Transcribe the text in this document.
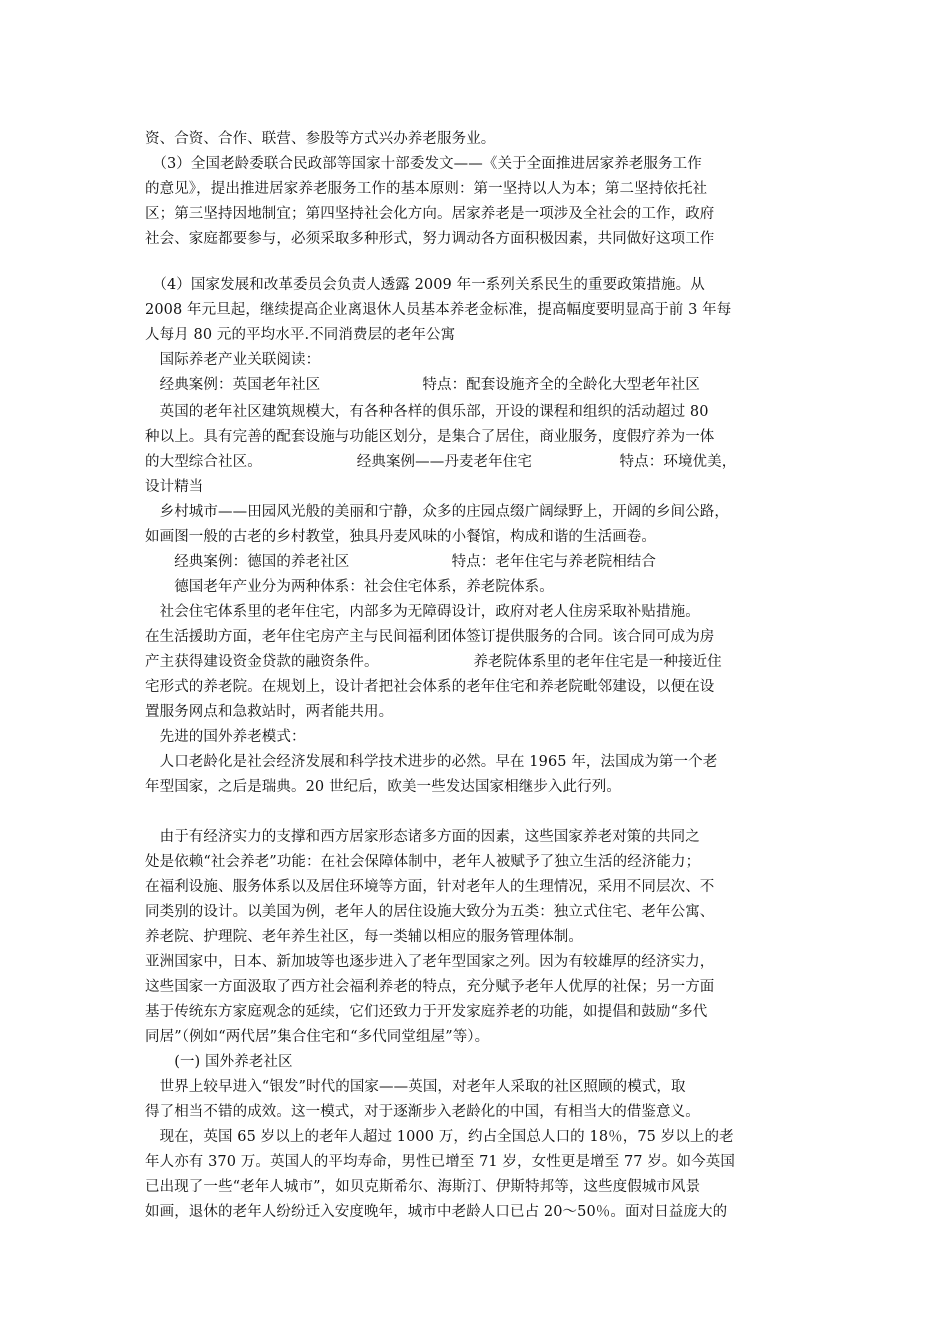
资、合资、合作、联营、参股等方式兴办养老服务业。
　（3）全国老龄委联合民政部等国家十部委发文——《关于全面推进居家养老服务工作
的意见》，提出推进居家养老服务工作的基本原则：第一坚持以人为本；第二坚持依托社
区；第三坚持因地制宜；第四坚持社会化方向。居家养老是一项涉及全社会的工作，政府
社会、家庭都要参与，必须采取多种形式，努力调动各方面积极因素，共同做好这项工作
　（4）国家发展和改革委员会负责人透露 2009 年一系列关系民生的重要政策措施。从
2008 年元旦起，继续提高企业离退休人员基本养老金标准，提高幅度要明显高于前 3 年每
人每月 80 元的平均水平.不同消费层的老年公寓
　国际养老产业关联阅读：
　经典案例：英国老年社区　　　　　　　特点：配套设施齐全的全龄化大型老年社区
　英国的老年社区建筑规模大，有各种各样的俱乐部，开设的课程和组织的活动超过 80
种以上。具有完善的配套设施与功能区划分，是集合了居住，商业服务，度假疗养为一体
的大型综合社区。　　　　　　　经典案例——丹麦老年住宅　　　　　　特点：环境优美，
设计精当
　乡村城市——田园风光般的美丽和宁静，众多的庄园点缀广阔绿野上，开阔的乡间公路，
如画图一般的古老的乡村教堂，独具丹麦风味的小餐馆，构成和谐的生活画卷。
　　经典案例：德国的养老社区　　　　　　　特点：老年住宅与养老院相结合
　　德国老年产业分为两种体系：社会住宅体系，养老院体系。
　社会住宅体系里的老年住宅，内部多为无障碍设计，政府对老人住房采取补贴措施。
在生活援助方面，老年住宅房产主与民间福利团体签订提供服务的合同。该合同可成为房
产主获得建设资金贷款的融资条件。　　　　　　　养老院体系里的老年住宅是一种接近住
宅形式的养老院。在规划上，设计者把社会体系的老年住宅和养老院毗邻建设，以便在设
置服务网点和急救站时，两者能共用。
　先进的国外养老模式：
　人口老龄化是社会经济发展和科学技术进步的必然。早在 1965 年，法国成为第一个老
年型国家，之后是瑞典。20 世纪后，欧美一些发达国家相继步入此行列。
　由于有经济实力的支撑和西方居家形态诸多方面的因素，这些国家养老对策的共同之
处是依赖“社会养老”功能：在社会保障体制中，老年人被赋予了独立生活的经济能力；
在福利设施、服务体系以及居住环境等方面，针对老年人的生理情况，采用不同层次、不
同类别的设计。以美国为例，老年人的居住设施大致分为五类：独立式住宅、老年公寓、
养老院、护理院、老年养生社区，每一类辅以相应的服务管理体制。
亚洲国家中，日本、新加坡等也逐步进入了老年型国家之列。因为有较雄厚的经济实力，
这些国家一方面汲取了西方社会福利养老的特点，充分赋予老年人优厚的社保；另一方面
基于传统东方家庭观念的延续，它们还致力于开发家庭养老的功能，如提倡和鼓励“多代
同居”（例如“两代居”集合住宅和“多代同堂组屋”等）。
　　(一) 国外养老社区
　世界上较早进入“银发”时代的国家——英国，对老年人采取的社区照顾的模式，取
得了相当不错的成效。这一模式，对于逐渐步入老龄化的中国，有相当大的借鉴意义。
　现在，英国 65 岁以上的老年人超过 1000 万，约占全国总人口的 18％，75 岁以上的老
年人亦有 370 万。英国人的平均寿命，男性已增至 71 岁，女性更是增至 77 岁。如今英国
已出现了一些“老年人城市”，如贝克斯希尔、海斯汀、伊斯特邦等，这些度假城市风景
如画，退休的老年人纷纷迁入安度晚年，城市中老龄人口已占 20～50％。面对日益庞大的
